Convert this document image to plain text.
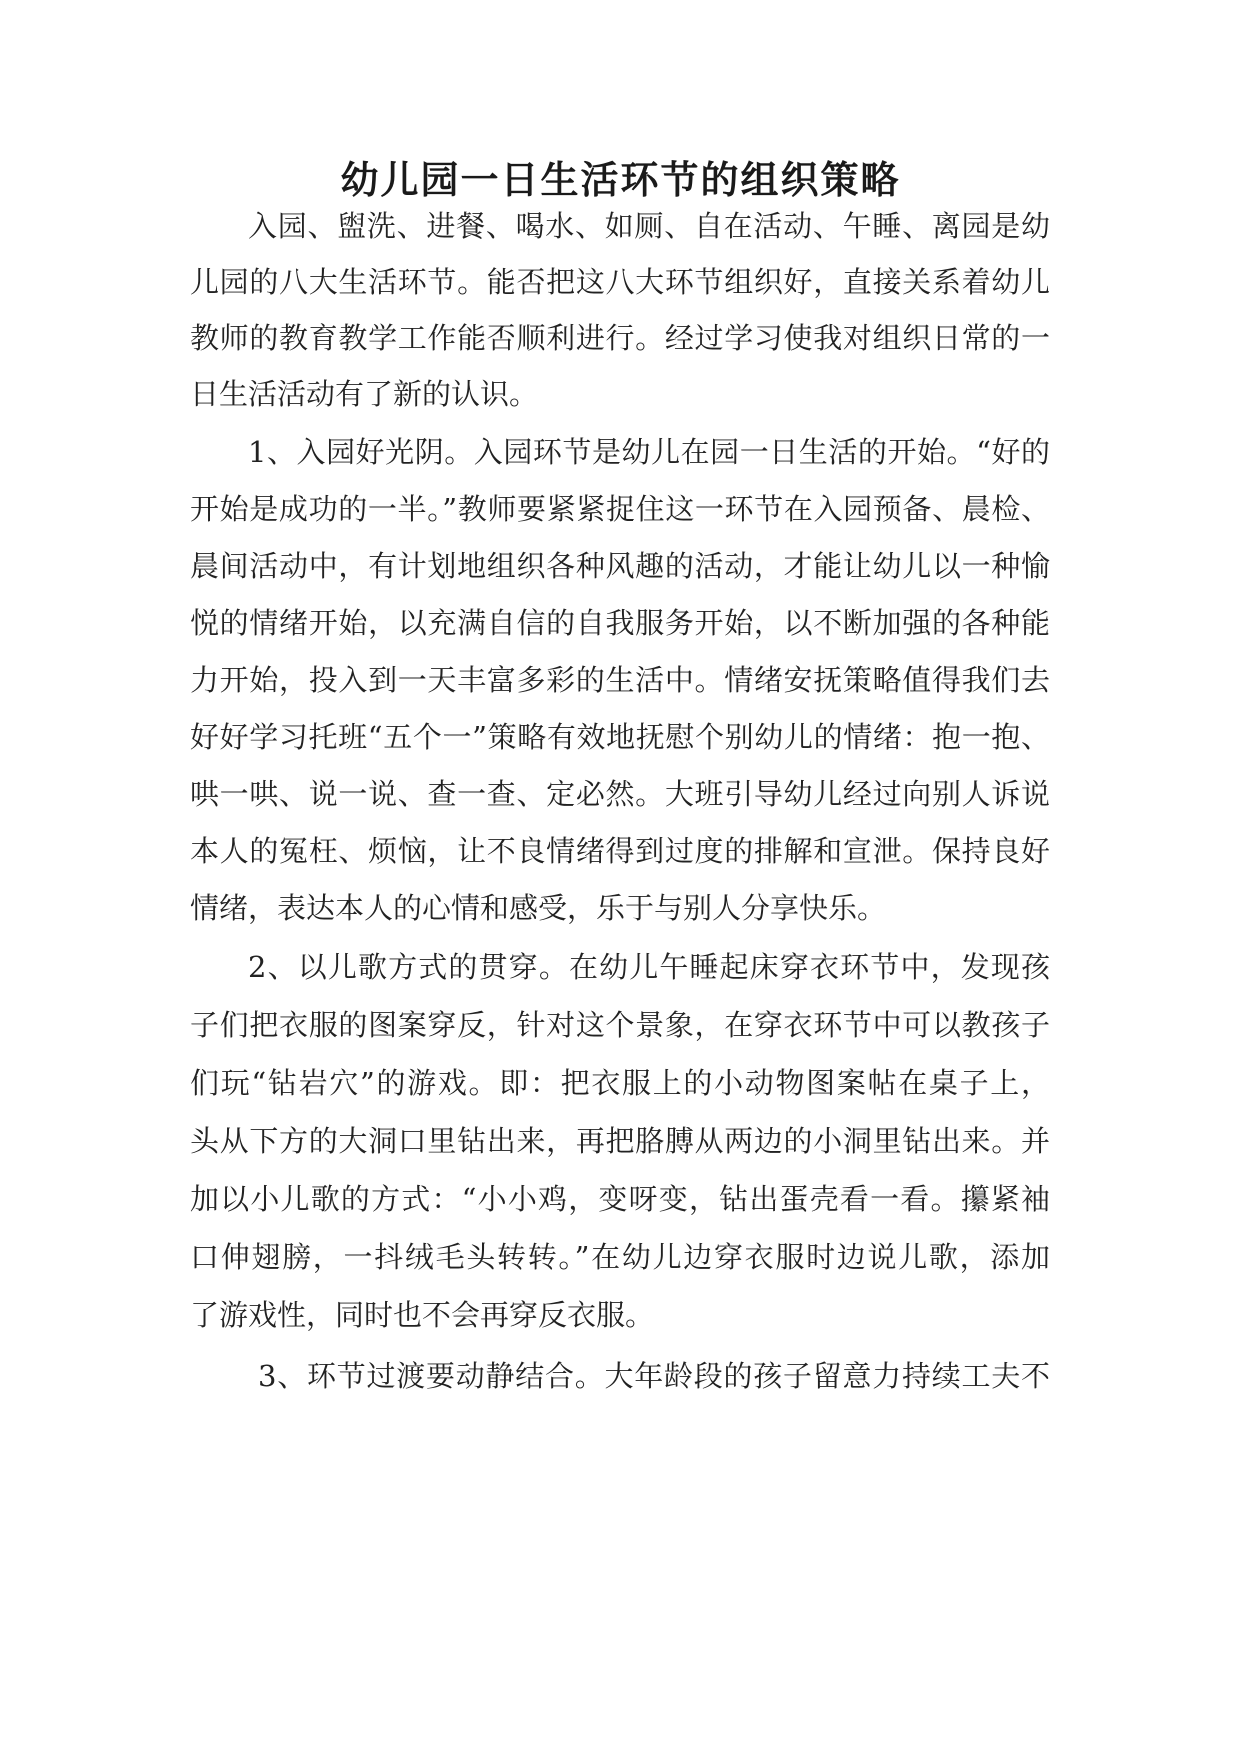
幼儿园一日生活环节的组织策略
入园、盥洗、进餐、喝水、如厕、自在活动、午睡、离园是幼
儿园的八大生活环节。能否把这八大环节组织好，直接关系着幼儿
教师的教育教学工作能否顺利进行。经过学习使我对组织日常的一
日生活活动有了新的认识。
1、入园好光阴。入园环节是幼儿在园一日生活的开始。“好的
开始是成功的一半。”教师要紧紧捉住这一环节在入园预备、晨检、
晨间活动中，有计划地组织各种风趣的活动，才能让幼儿以一种愉
悦的情绪开始，以充满自信的自我服务开始，以不断加强的各种能
力开始，投入到一天丰富多彩的生活中。情绪安抚策略值得我们去
好好学习托班“五个一”策略有效地抚慰个别幼儿的情绪：抱一抱、
哄一哄、说一说、查一查、定必然。大班引导幼儿经过向别人诉说
本人的冤枉、烦恼，让不良情绪得到过度的排解和宣泄。保持良好
情绪，表达本人的心情和感受，乐于与别人分享快乐。
2、以儿歌方式的贯穿。在幼儿午睡起床穿衣环节中，发现孩
子们把衣服的图案穿反，针对这个景象，在穿衣环节中可以教孩子
们玩“钻岩穴”的游戏。即：把衣服上的小动物图案帖在桌子上，
头从下方的大洞口里钻出来，再把胳膊从两边的小洞里钻出来。并
加以小儿歌的方式：“小小鸡，变呀变，钻出蛋壳看一看。攥紧袖
口伸翅膀，一抖绒毛头转转。”在幼儿边穿衣服时边说儿歌，添加
了游戏性，同时也不会再穿反衣服。
3、环节过渡要动静结合。大年龄段的孩子留意力持续工夫不
